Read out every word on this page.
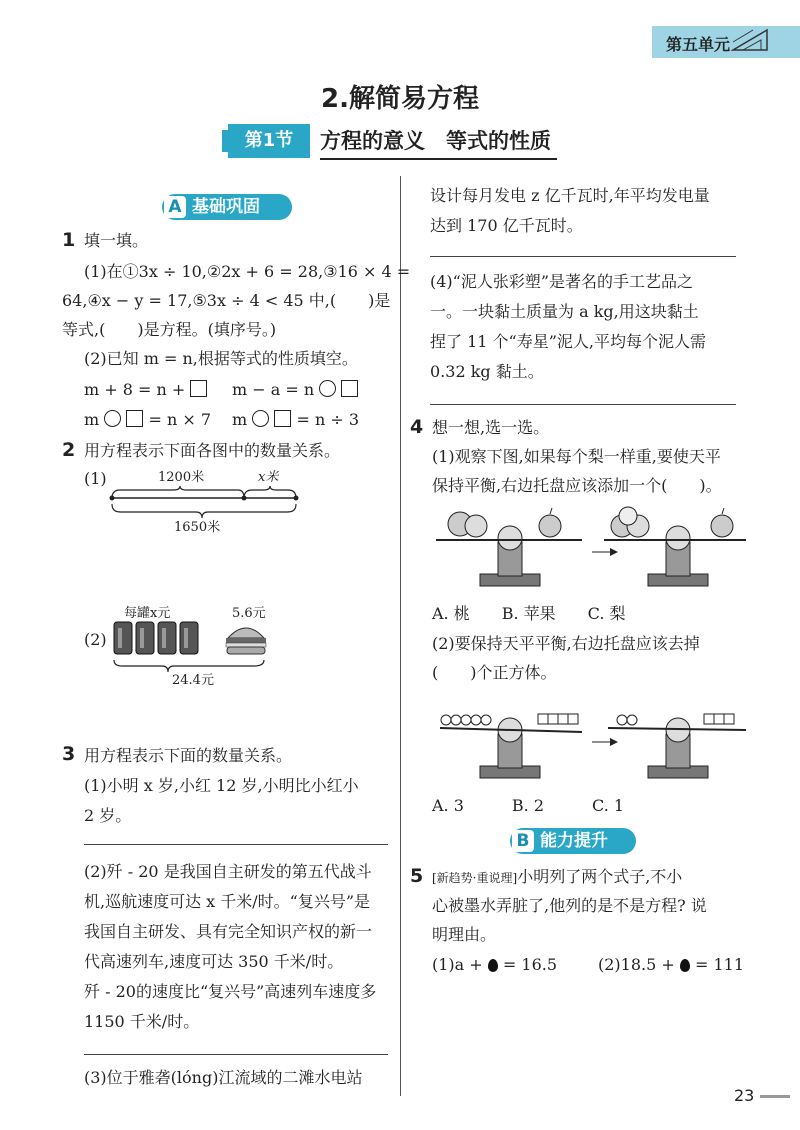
第五单元
2.解简易方程
第1节	方程的意义　等式的性质
A 基础巩固
1 填一填。
(1)在①3x ÷ 10,②2x + 6 = 28,③16 × 4 =
64,④x − y = 17,⑤3x ÷ 4 < 45 中,(　　)是
等式,(　　)是方程。(填序号。)
(2)已知 m = n,根据等式的性质填空。
m + 8 = n +	m − a = n
m	= n × 7 m	= n ÷ 3
2 用方程表示下面各图中的数量关系。
(1)	1200米	x米
1650米
(2)
每罐x元	5.6元
24.4元
3 用方程表示下面的数量关系。
(1)小明 x 岁,小红 12 岁,小明比小红小
2 岁。
(2)歼 - 20 是我国自主研发的第五代战斗
机,巡航速度可达 x 千米/时。“复兴号”是
我国自主研发、具有完全知识产权的新一
代高速列车,速度可达 350 千米/时。
歼 - 20的速度比“复兴号”高速列车速度多
1150 千米/时。
(3)位于雅砻(lóng)江流域的二滩水电站
设计每月发电 z 亿千瓦时,年平均发电量
达到 170 亿千瓦时。
(4)“泥人张彩塑”是著名的手工艺品之
一。一块黏土质量为 a kg,用这块黏土
捏了 11 个“寿星”泥人,平均每个泥人需
0.32 kg 黏土。
4 想一想,选一选。
(1)观察下图,如果每个梨一样重,要使天平
保持平衡,右边托盘应该添加一个(　　)。
A. 桃　　B. 苹果　　C. 梨
(2)要保持天平平衡,右边托盘应该去掉
(　　)个正方体。
A. 3　　　B. 2　　　C. 1
B 能力提升
5 [新趋势·重说理]小明列了两个式子,不小
心被墨水弄脏了,他列的是不是方程? 说
明理由。
(1)a + = 16.5	(2)18.5 + = 111
23
